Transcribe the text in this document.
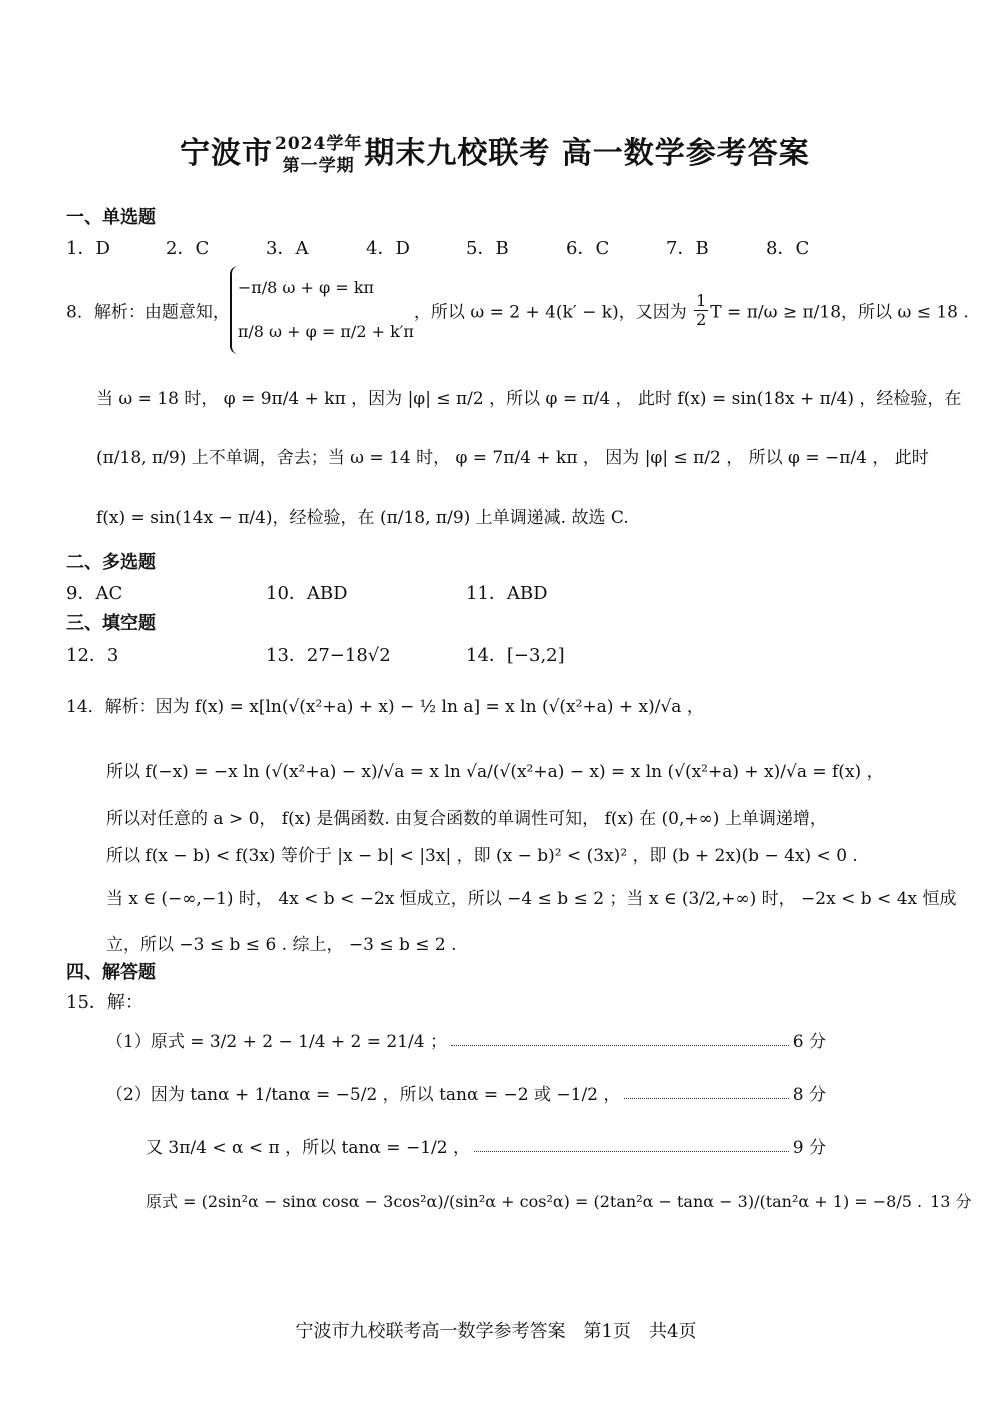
宁波市 2024学年
第一学期 期末九校联考 高一数学参考答案
一、单选题
1．D	2．C	3．A	4．D	5．B	6．C	7．B	8．C
8．解析：由题意知，
−π/8 ω + φ = kπ
π/8 ω + φ = π/2 + k′π
，所以 ω = 2 + 4(k′ − k)，又因为 $\frac{1}{2}$ T = π/ω ≥ π/18，所以 ω ≤ 18 .
当 ω = 18 时， φ = 9π/4 + kπ ，因为 |φ| ≤ π/2 ，所以 φ = π/4 ， 此时 f(x) = sin(18x + π/4) ，经检验，在
(π/18, π/9) 上不单调，舍去；当 ω = 14 时， φ = 7π/4 + kπ ， 因为 |φ| ≤ π/2 ， 所以 φ = −π/4 ， 此时
f(x) = sin(14x − π/4)，经检验，在 (π/18, π/9) 上单调递减. 故选 C.
二、多选题
9．AC	10．ABD	11．ABD
三、填空题
12．3	13．27−18√2	14．[−3,2]
14．解析：因为 f(x) = x[ln(√(x²+a) + x) − ½ ln a] = x ln (√(x²+a) + x)/√a ，
所以 f(−x) = −x ln (√(x²+a) − x)/√a = x ln √a/(√(x²+a) − x) = x ln (√(x²+a) + x)/√a = f(x) ，
所以对任意的 a > 0， f(x) 是偶函数. 由复合函数的单调性可知， f(x) 在 (0,+∞) 上单调递增，
所以 f(x − b) < f(3x) 等价于 |x − b| < |3x| ，即 (x − b)² < (3x)² ，即 (b + 2x)(b − 4x) < 0 .
当 x ∈ (−∞,−1) 时， 4x < b < −2x 恒成立，所以 −4 ≤ b ≤ 2 ；当 x ∈ (3/2,+∞) 时， −2x < b < 4x 恒成
立，所以 −3 ≤ b ≤ 6 . 综上， −3 ≤ b ≤ 2 .
四、解答题
15．解：
（1）原式 = 3/2 + 2 − 1/4 + 2 = 21/4 ；	6 分
（2）因为 tanα + 1/tanα = −5/2 ，所以 tanα = −2 或 −1/2 ，	8 分
又 3π/4 < α < π ，所以 tanα = −1/2 ，	9 分
原式 = (2sin²α − sinα cosα − 3cos²α)/(sin²α + cos²α) = (2tan²α − tanα − 3)/(tan²α + 1) = −8/5 . 13 分
宁波市九校联考高一数学参考答案　第1页　共4页
